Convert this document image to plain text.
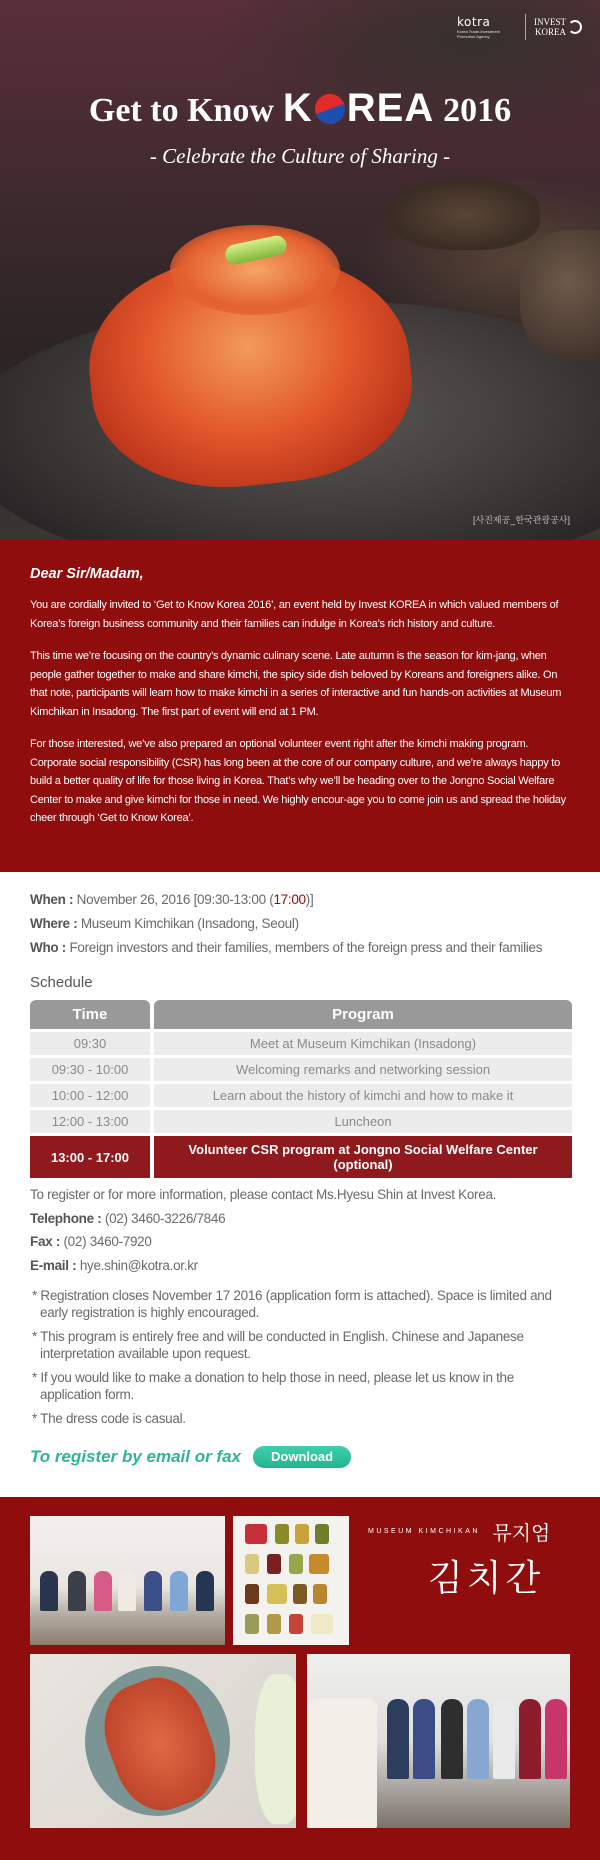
kotra
Korea Trade-Investment Promotion Agency
INVEST
KOREA
Get to Know K REA 2016
- Celebrate the Culture of Sharing -
[사진제공_한국관광공사]
Dear Sir/Madam,

You are cordially invited to ‘Get to Know Korea 2016’, an event held by Invest KOREA in which valued members of Korea’s foreign business community and their families can indulge in Korea’s rich history and culture.

This time we’re focusing on the country’s dynamic culinary scene. Late autumn is the season for kim-jang, when people gather together to make and share kimchi, the spicy side dish beloved by Koreans and foreigners alike. On that note, participants will learn how to make kimchi in a series of interactive and fun hands-on activities at Museum Kimchikan in Insadong. The first part of event will end at 1 PM.

For those interested, we’ve also prepared an optional volunteer event right after the kimchi making program. Corporate social responsibility (CSR) has long been at the core of our company culture, and we’re always happy to build a better quality of life for those living in Korea. That’s why we’ll be heading over to the Jongno Social Welfare Center to make and give kimchi for those in need. We highly encour-age you to come join us and spread the holiday cheer through ‘Get to Know Korea’.

When : November 26, 2016 [09:30-13:00 (17:00)]
Where : Museum Kimchikan (Insadong, Seoul)
Who : Foreign investors and their families, members of the foreign press and their families
Schedule
Time	Program
09:30	Meet at Museum Kimchikan (Insadong)
09:30 - 10:00	Welcoming remarks and networking session
10:00 - 12:00	Learn about the history of kimchi and how to make it
12:00 - 13:00	Luncheon
13:00 - 17:00	Volunteer CSR program at Jongno Social Welfare Center
(optional)
To register or for more information, please contact Ms.Hyesu Shin at Invest Korea.
Telephone : (02) 3460-3226/7846
Fax : (02) 3460-7920
E-mail : hye.shin@kotra.or.kr
* Registration closes November 17 2016 (application form is attached). Space is limited and early registration is highly encouraged.
* This program is entirely free and will be conducted in English. Chinese and Japanese interpretation available upon request.
* If you would like to make a donation to help those in need, please let us know in the application form.
* The dress code is casual.
To register by email or fax	Download
MUSEUM KIMCHIKAN 뮤지엄
김치간
